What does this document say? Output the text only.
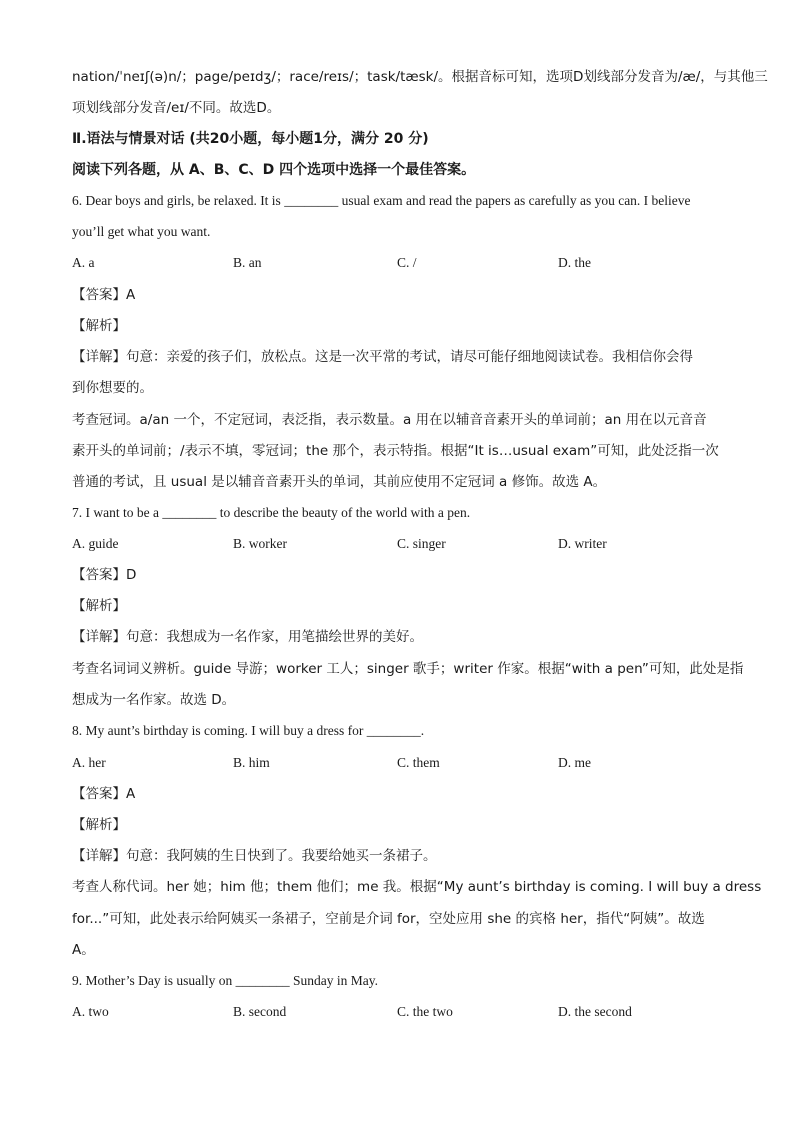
nation/ˈneɪʃ(ə)n/；page/peɪdʒ/；race/reɪs/；task/tæsk/。根据音标可知，选项D划线部分发音为/æ/，与其他三
项划线部分发音/eɪ/不同。故选D。
Ⅱ.语法与情景对话 (共20小题，每小题1分，满分 20 分)
阅读下列各题，从 A、B、C、D 四个选项中选择一个最佳答案。
6. Dear boys and girls, be relaxed. It is ________ usual exam and read the papers as carefully as you can. I believe
you’ll get what you want.
A. a	B. an	C. /	D. the
【答案】A
【解析】
【详解】句意：亲爱的孩子们，放松点。这是一次平常的考试，请尽可能仔细地阅读试卷。我相信你会得
到你想要的。
考查冠词。a/an 一个，不定冠词，表泛指，表示数量。a 用在以辅音音素开头的单词前；an 用在以元音音
素开头的单词前；/表示不填，零冠词；the 那个，表示特指。根据“It is…usual exam”可知，此处泛指一次
普通的考试，且 usual 是以辅音音素开头的单词，其前应使用不定冠词 a 修饰。故选 A。
7. I want to be a ________ to describe the beauty of the world with a pen.
A. guide	B. worker	C. singer	D. writer
【答案】D
【解析】
【详解】句意：我想成为一名作家，用笔描绘世界的美好。
考查名词词义辨析。guide 导游；worker 工人；singer 歌手；writer 作家。根据“with a pen”可知，此处是指
想成为一名作家。故选 D。
8. My aunt’s birthday is coming. I will buy a dress for ________.
A. her	B. him	C. them	D. me
【答案】A
【解析】
【详解】句意：我阿姨的生日快到了。我要给她买一条裙子。
考查人称代词。her 她；him 他；them 他们；me 我。根据“My aunt’s birthday is coming. I will buy a dress
for...”可知，此处表示给阿姨买一条裙子，空前是介词 for，空处应用 she 的宾格 her，指代“阿姨”。故选
A。
9. Mother’s Day is usually on ________ Sunday in May.
A. two	B. second	C. the two	D. the second
